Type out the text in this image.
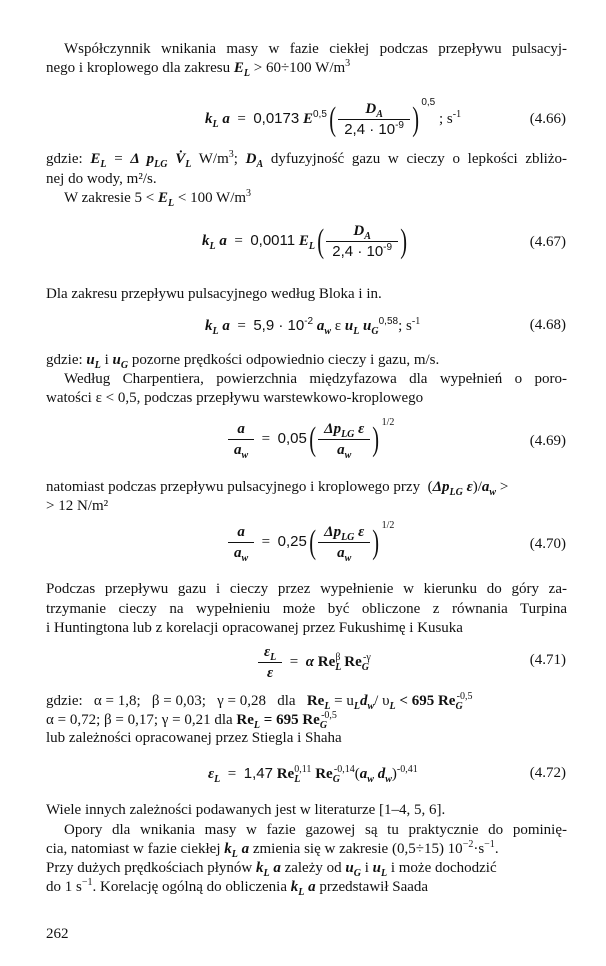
Współczynnik wnikania masy w fazie ciekłej podczas przepływu pulsacyj-
nego i kroplowego dla zakresu $E_L > 60\div 100$ $W/m^3$
$k_L$ a  =  0,0173 $E^{0,5}( \frac{D_A}{2,4 \cdot 10^{-9}}$ ) $^{0,5}$ ; $s^{-1}$	(4.66)
gdzie: $E_L = \Delta$ $p_{LG}$ $V̇_L$ $W/m^3$; $D_A$ dyfuzyjność gazu w cieczy o lepkości zbliżo-
nej do wody, m²/s.
W zakresie $5 < E_L < 100$ $W/m^3$
$k_L$ a  =  0,0011 $E_L( \frac{D_A}{2,4 \cdot 10^{-9}}$ )	(4.67)
Dla zakresu przepływu pulsacyjnego według Bloka i in.
$k_L$ $a = 5,9 \cdot 10^{-2}$ $a_w$ ε $u_L$ $u_G^{0,58}$; $s^{-1}$	(4.68)
gdzie: $u_L$ i $u_G$ pozorne prędkości odpowiednio cieczy i gazu, m/s.
Według Charpentiera, powierzchnia międzyfazowa dla wypełnień o poro-
watości ε < 0,5, podczas przepływu warstewkowo-kroplowego
$\frac{a}{a_w} = 0,05( \frac{\Delta p_{LG} \varepsilon}{a_w}$ ) $^{1/2}$
(4.69)
natomiast podczas przepływu pulsacyjnego i kroplowego przy ($\Delta p_{LG}$ $\varepsilon)/a_w$ >
> 12 N/m²
$\frac{a}{a_w} = 0,25( \frac{\Delta p_{LG} \varepsilon}{a_w}$ ) $^{1/2}$
(4.70)
Podczas przepływu gazu i cieczy przez wypełnienie w kierunku do góry za-
trzymanie cieczy na wypełnieniu może być obliczone z równania Turpina
i Huntingtona lub z korelacji opracowanej przez Fukushimę i Kusuka
$\frac{\varepsilon_L}{\varepsilon} = \alpha$ $Re_L^\beta$ $Re_G^{-\gamma}$	(4.71)
gdzie:   α = 1,8;   β = 0,03;   γ = 0,28   dla $Re_L = u_Ld_w/$ $\upsilon_L < 695$ $Re_G^{-0,5}$
α = 0,72; β = 0,17; γ = 0,21 dla $Re_L = 695$ $Re_G^{-0,5}$
lub zależności opracowanej przez Stiegla i Shaha
$\varepsilon_L = 1,47$ $Re_L^{0,11}$ $Re_G^{-0,14}(a_w$ $d_w)^{-0,41}$	(4.72)
Wiele innych zależności podawanych jest w literaturze [1–4, 5, 6].
Opory dla wnikania masy w fazie gazowej są tu praktycznie do pominię-
cia, natomiast w fazie ciekłej $k_L$ a zmienia się w zakresie (0,5÷15) $10^{-2}\cdot s^{-1}$.
Przy dużych prędkościach płynów $k_L$ a zależy od $u_G$ i $u_L$ i może dochodzić
do 1 $s^{-1}$. Korelację ogólną do obliczenia $k_L$ a przedstawił Saada
262
